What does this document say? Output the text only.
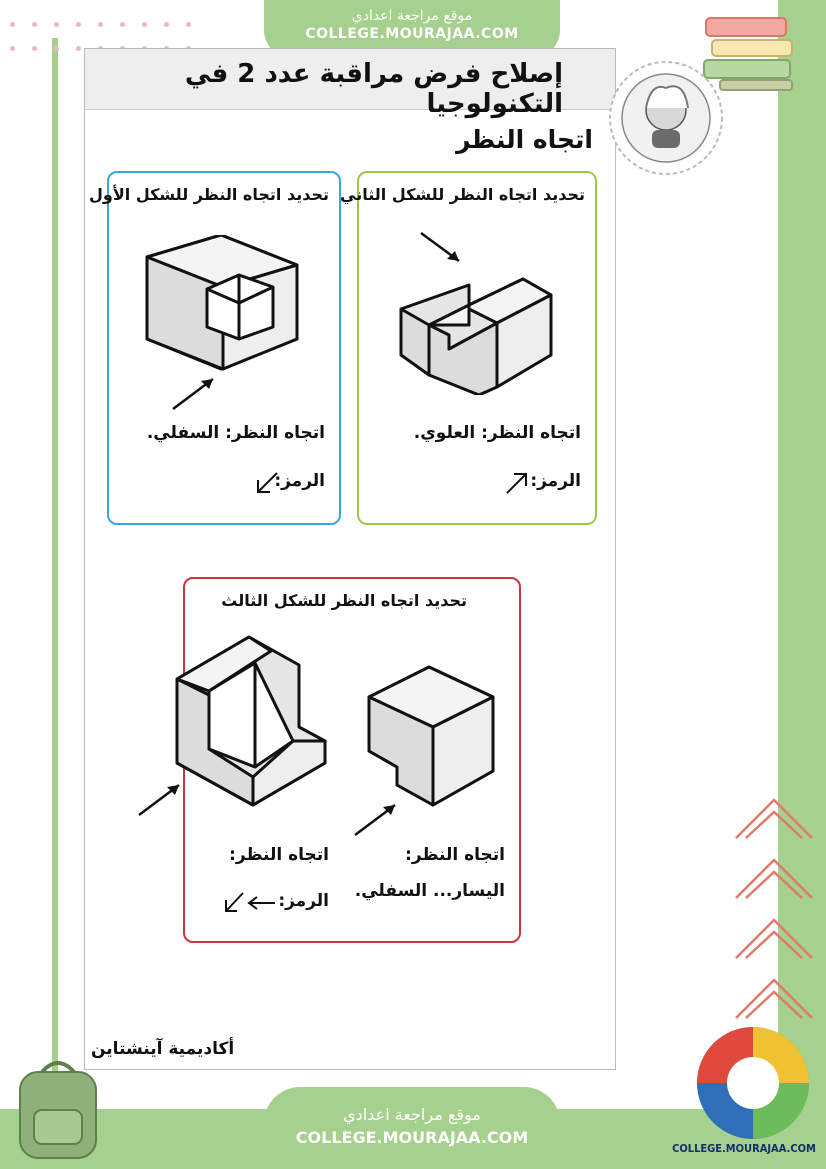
موقع مراجعة اعدادي
COLLEGE.MOURAJAA.COM
إصلاح فرض مراقبة عدد 2 في التكنولوجيا
اتجاه النظر
تحديد اتجاه النظر للشكل الأول
اتجاه النظر: السفلي.
الرمز:
تحديد اتجاه النظر للشكل الثاني
اتجاه النظر: العلوي.
الرمز:
تحديد اتجاه النظر للشكل الثالث
اتجاه النظر:
الرمز:
اتجاه النظر:
اليسار... السفلي.
أكاديمية آينشتاين
COLLEGE.MOURAJAA.COM
موقع مراجعة اعدادي
COLLEGE.MOURAJAA.COM
